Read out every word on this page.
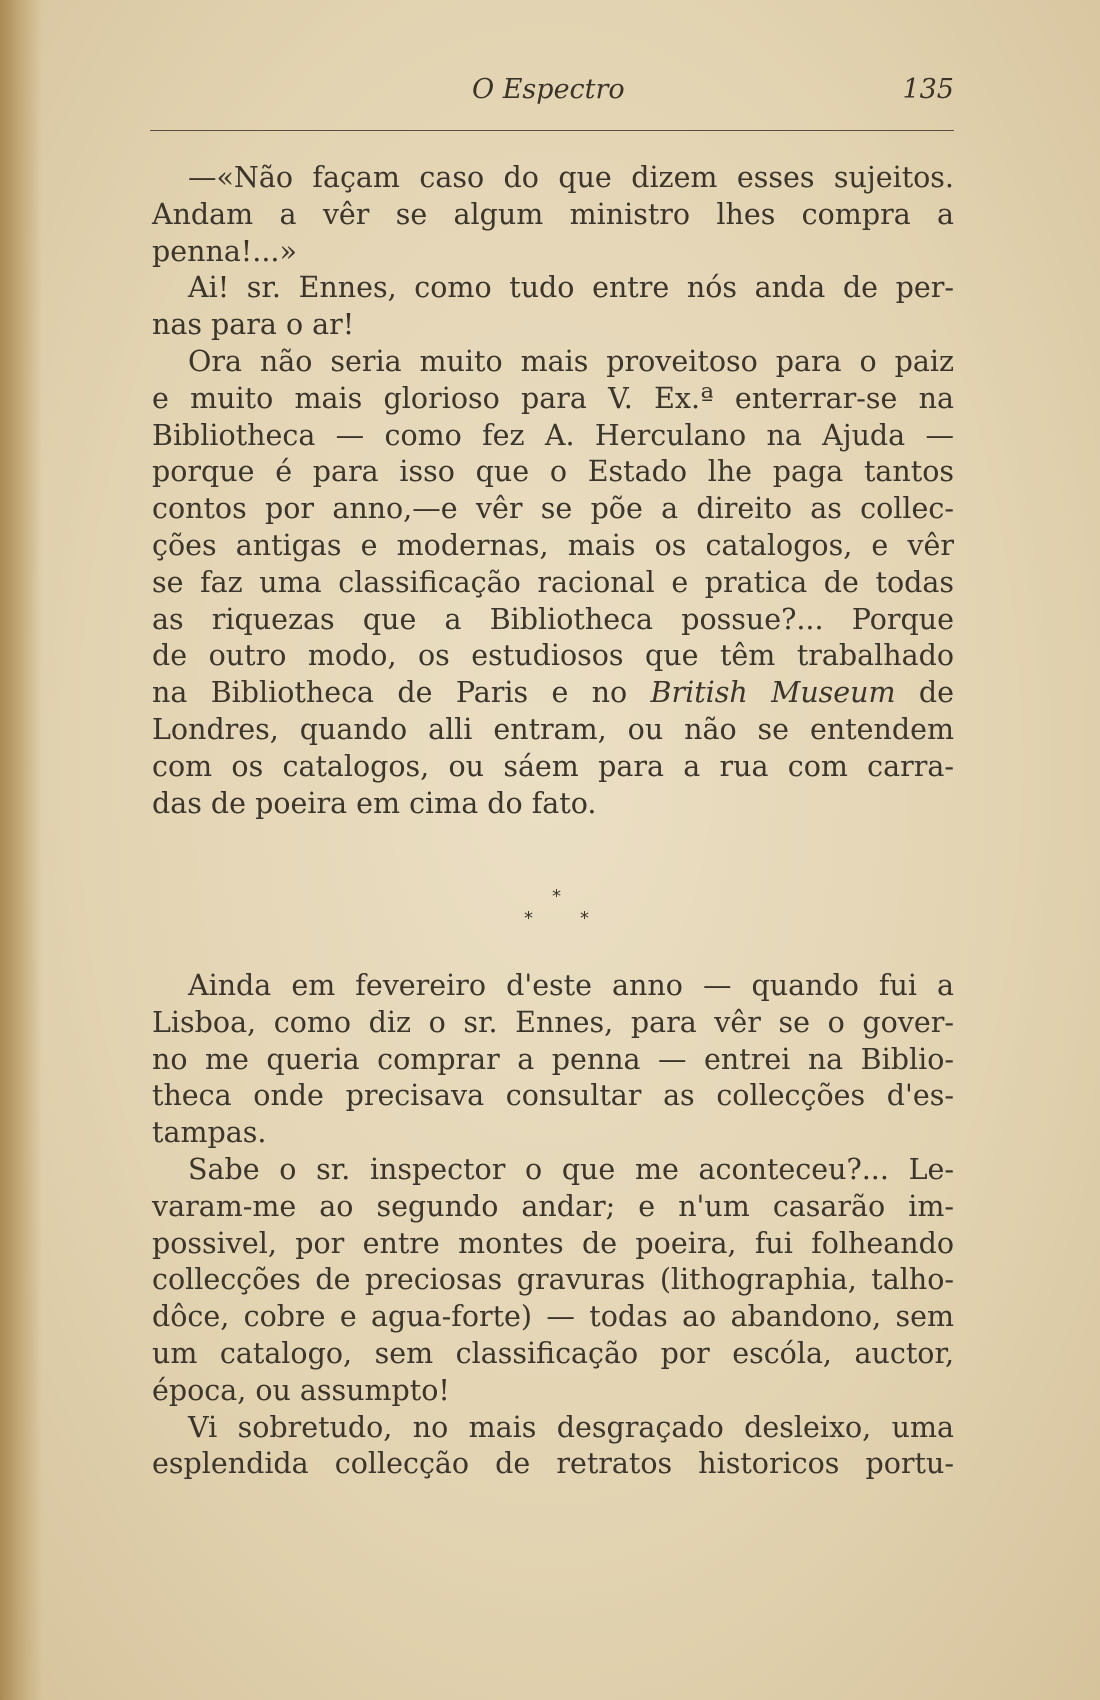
O Espectro	135
—«Não façam caso do que dizem esses sujeitos.
Andam a vêr se algum ministro lhes compra a
penna!...»
Ai! sr. Ennes, como tudo entre nós anda de per-
nas para o ar!
Ora não seria muito mais proveitoso para o paiz
e muito mais glorioso para V. Ex.ª enterrar-se na
Bibliotheca — como fez A. Herculano na Ajuda —
porque é para isso que o Estado lhe paga tantos
contos por anno,—e vêr se põe a direito as collec-
ções antigas e modernas, mais os catalogos, e vêr
se faz uma classificação racional e pratica de todas
as riquezas que a Bibliotheca possue?... Porque
de outro modo, os estudiosos que têm trabalhado
na Bibliotheca de Paris e no British Museum de
Londres, quando alli entram, ou não se entendem
com os catalogos, ou sáem para a rua com carra-
das de poeira em cima do fato.
*
*	*
Ainda em fevereiro d'este anno — quando fui a
Lisboa, como diz o sr. Ennes, para vêr se o gover-
no me queria comprar a penna — entrei na Biblio-
theca onde precisava consultar as collecções d'es-
tampas.
Sabe o sr. inspector o que me aconteceu?... Le-
varam-me ao segundo andar; e n'um casarão im-
possivel, por entre montes de poeira, fui folheando
collecções de preciosas gravuras (lithographia, talho-
dôce, cobre e agua-forte) — todas ao abandono, sem
um catalogo, sem classificação por escóla, auctor,
época, ou assumpto!
Vi sobretudo, no mais desgraçado desleixo, uma
esplendida collecção de retratos historicos portu-
